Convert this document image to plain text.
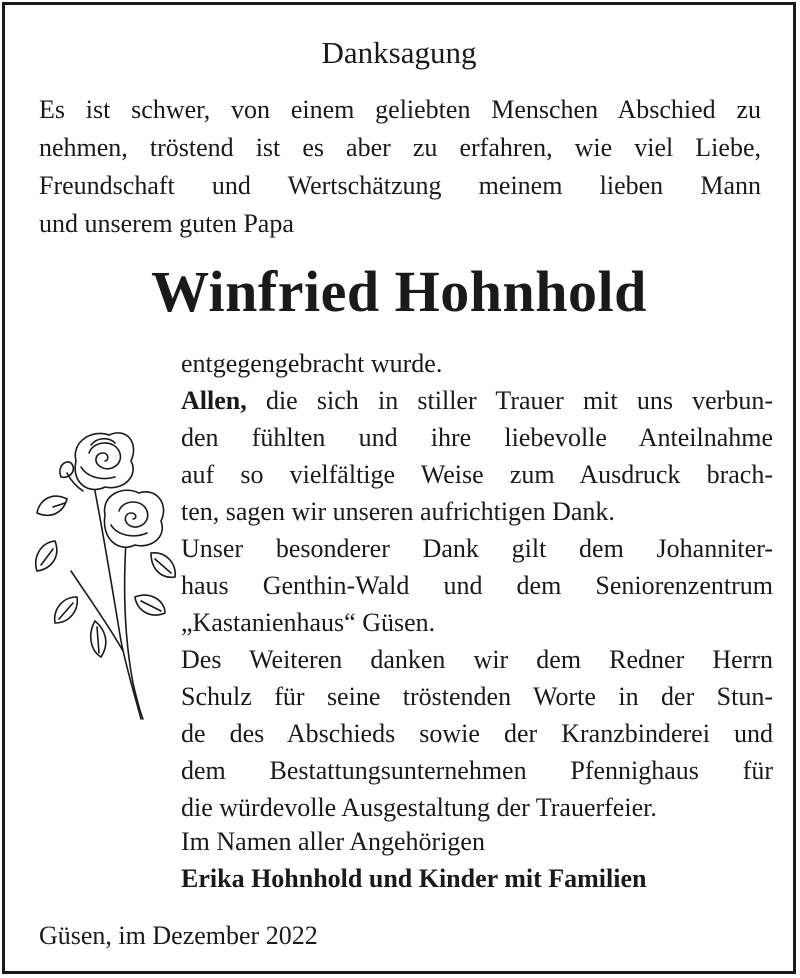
Danksagung
Es ist schwer, von einem geliebten Menschen Abschied zu
nehmen, tröstend ist es aber zu erfahren, wie viel Liebe,
Freundschaft und Wertschätzung meinem lieben Mann
und unserem guten Papa
Winfried Hohnhold
entgegengebracht wurde.
Allen, die sich in stiller Trauer mit uns verbun-
den fühlten und ihre liebevolle Anteilnahme
auf so vielfältige Weise zum Ausdruck brach-
ten, sagen wir unseren aufrichtigen Dank.
Unser besonderer Dank gilt dem Johanniter-
haus Genthin-Wald und dem Seniorenzentrum
„Kastanienhaus“ Güsen.
Des Weiteren danken wir dem Redner Herrn
Schulz für seine tröstenden Worte in der Stun-
de des Abschieds sowie der Kranzbinderei und
dem Bestattungsunternehmen Pfennighaus für
die würdevolle Ausgestaltung der Trauerfeier.
Im Namen aller Angehörigen
Erika Hohnhold und Kinder mit Familien
Güsen, im Dezember 2022
